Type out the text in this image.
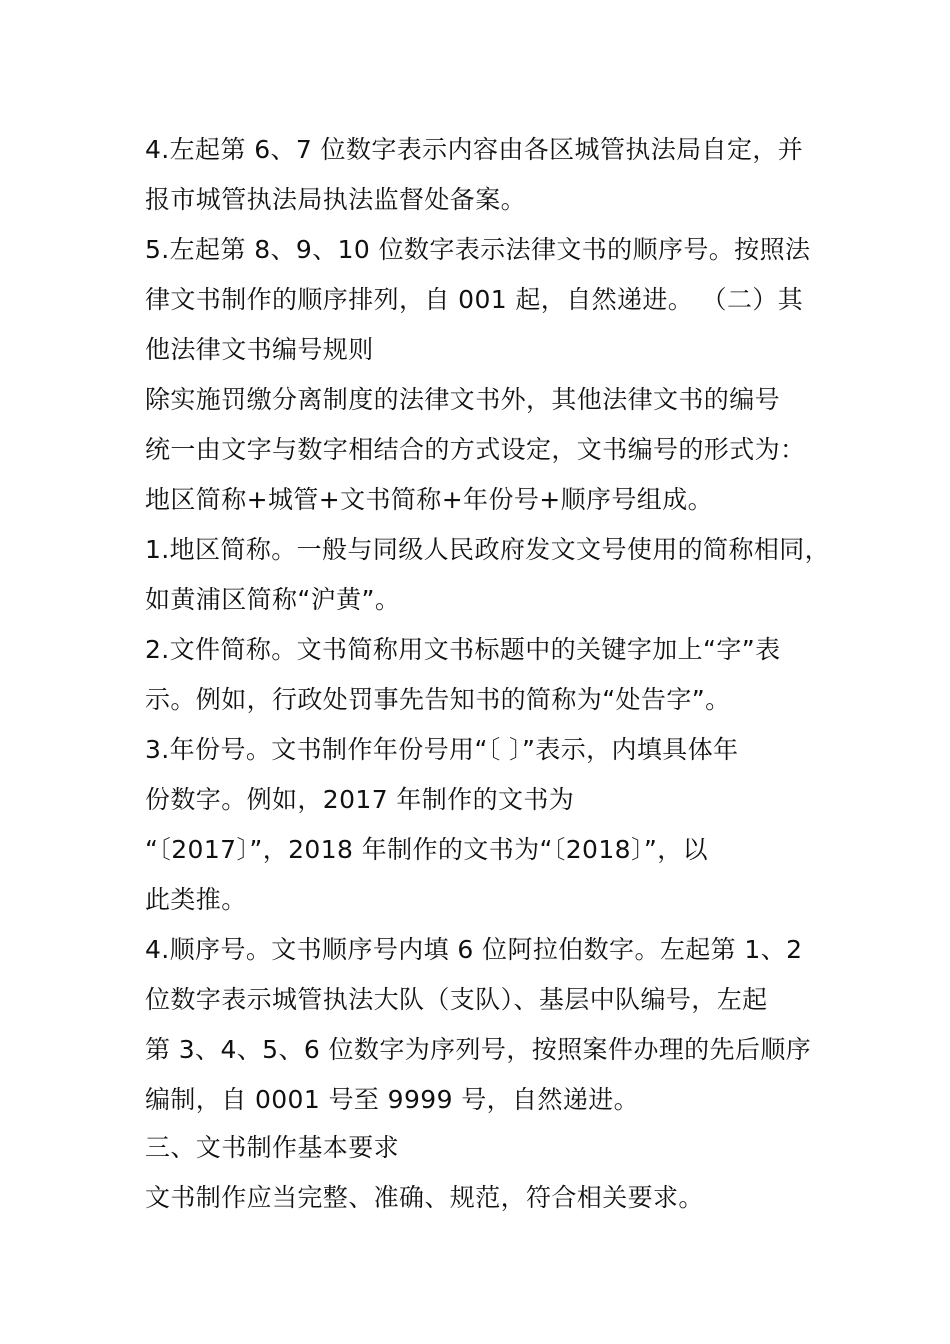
4.左起第 6、7 位数字表示内容由各区城管执法局自定，并
报市城管执法局执法监督处备案。
5.左起第 8、9、10 位数字表示法律文书的顺序号。按照法
律文书制作的顺序排列，自 001 起，自然递进。 （二）其
他法律文书编号规则
除实施罚缴分离制度的法律文书外，其他法律文书的编号
统一由文字与数字相结合的方式设定，文书编号的形式为：
地区简称+城管+文书简称+年份号+顺序号组成。
1.地区简称。一般与同级人民政府发文文号使用的简称相同，
如黄浦区简称“沪黄”。
2.文件简称。文书简称用文书标题中的关键字加上“字”表
示。例如，行政处罚事先告知书的简称为“处告字”。
3.年份号。文书制作年份号用“〔 〕”表示，内填具体年
份数字。例如，2017 年制作的文书为
“〔2017〕”，2018 年制作的文书为“〔2018〕”，以
此类推。
4.顺序号。文书顺序号内填 6 位阿拉伯数字。左起第 1、2
位数字表示城管执法大队（支队）、基层中队编号，左起
第 3、4、5、6 位数字为序列号，按照案件办理的先后顺序
编制，自 0001 号至 9999 号，自然递进。
三、文书制作基本要求
文书制作应当完整、准确、规范，符合相关要求。
